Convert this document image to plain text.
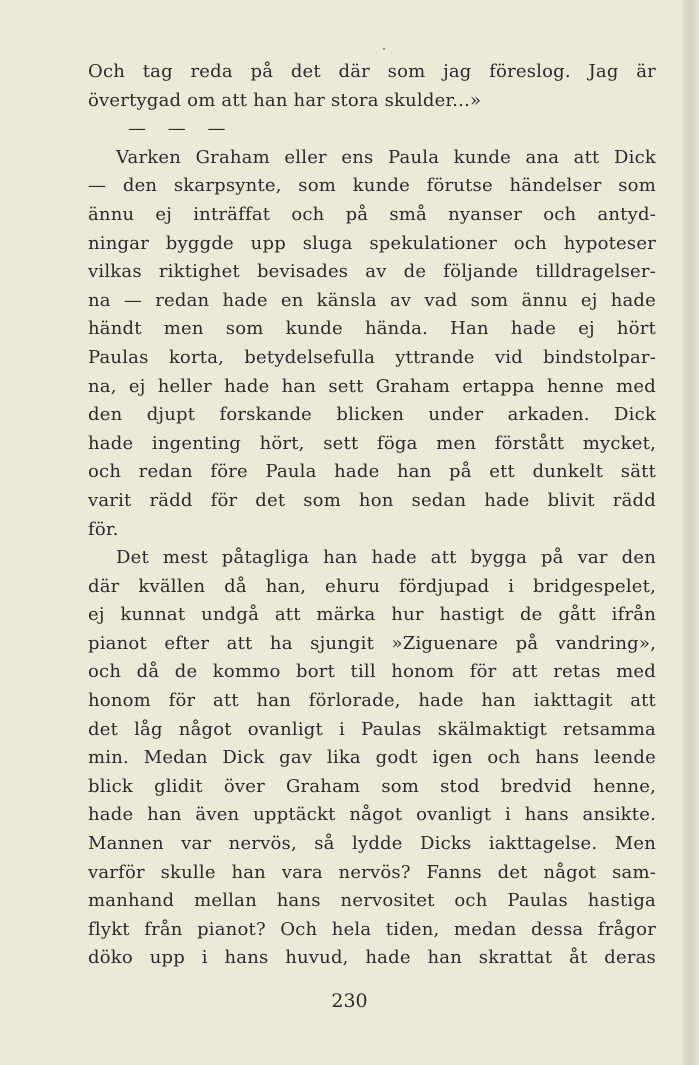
Och tag reda på det där som jag föreslog. Jag är
övertygad om att han har stora skulder...»
— — —
Varken Graham eller ens Paula kunde ana att Dick
— den skarpsynte, som kunde förutse händelser som
ännu ej inträffat och på små nyanser och antyd-
ningar byggde upp sluga spekulationer och hypoteser
vilkas riktighet bevisades av de följande tilldragelser-
na — redan hade en känsla av vad som ännu ej hade
händt men som kunde hända. Han hade ej hört
Paulas korta, betydelsefulla yttrande vid bindstolpar-
na, ej heller hade han sett Graham ertappa henne med
den djupt forskande blicken under arkaden. Dick
hade ingenting hört, sett föga men förstått mycket,
och redan före Paula hade han på ett dunkelt sätt
varit rädd för det som hon sedan hade blivit rädd
för.
Det mest påtagliga han hade att bygga på var den
där kvällen då han, ehuru fördjupad i bridgespelet,
ej kunnat undgå att märka hur hastigt de gått ifrån
pianot efter att ha sjungit »Ziguenare på vandring»,
och då de kommo bort till honom för att retas med
honom för att han förlorade, hade han iakttagit att
det låg något ovanligt i Paulas skälmaktigt retsamma
min. Medan Dick gav lika godt igen och hans leende
blick glidit över Graham som stod bredvid henne,
hade han även upptäckt något ovanligt i hans ansikte.
Mannen var nervös, så lydde Dicks iakttagelse. Men
varför skulle han vara nervös? Fanns det något sam-
manhand mellan hans nervositet och Paulas hastiga
flykt från pianot? Och hela tiden, medan dessa frågor
döko upp i hans huvud, hade han skrattat åt deras
230
